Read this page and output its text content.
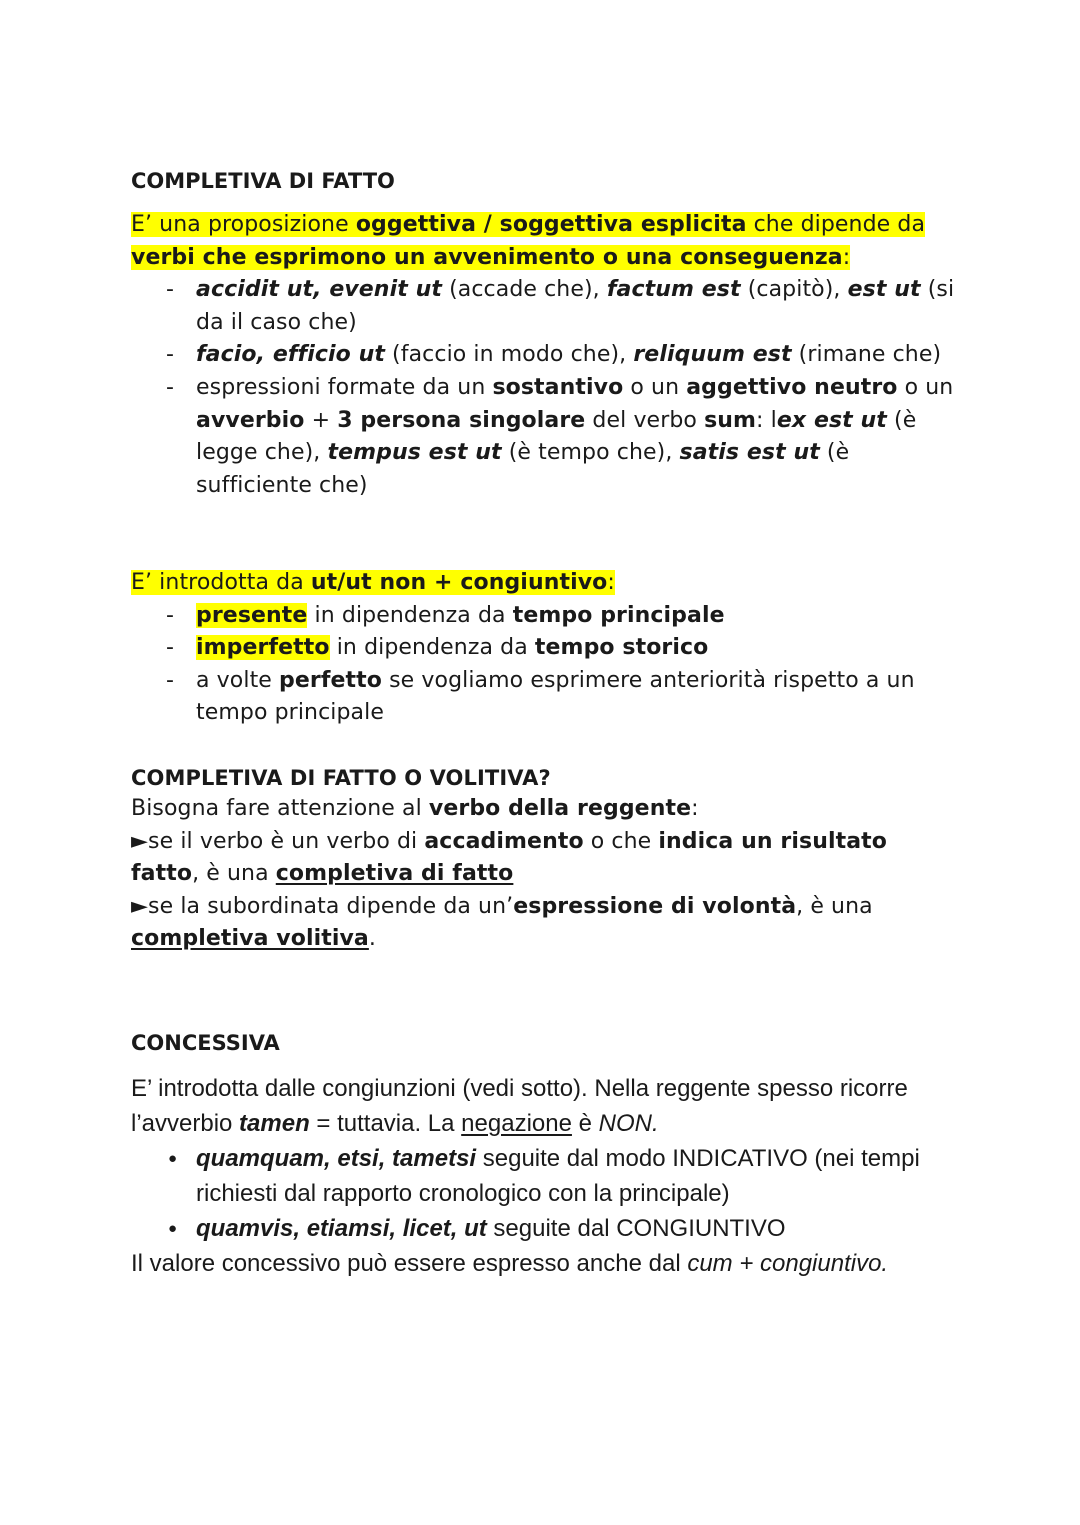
COMPLETIVA DI FATTO

E’ una proposizione oggettiva / soggettiva esplicita che dipende da verbi che esprimono un avvenimento o una conseguenza:

- accidit ut, evenit ut (accade che), factum est (capitò), est ut (si da il caso che)
- facio, efficio ut (faccio in modo che), reliquum est (rimane che)
- espressioni formate da un sostantivo o un aggettivo neutro o un avverbio + 3 persona singolare del verbo sum: lex est ut (è legge che), tempus est ut (è tempo che), satis est ut (è sufficiente che)

E’ introdotta da ut/ut non + congiuntivo:

- presente in dipendenza da tempo principale
- imperfetto in dipendenza da tempo storico
- a volte perfetto se vogliamo esprimere anteriorità rispetto a un tempo principale
COMPLETIVA DI FATTO O VOLITIVA?

Bisogna fare attenzione al verbo della reggente:

►se il verbo è un verbo di accadimento o che indica un risultato fatto, è una completiva di fatto

►se la subordinata dipende da un’espressione di volontà, è una completiva volitiva.

CONCESSIVA

E’ introdotta dalle congiunzioni (vedi sotto). Nella reggente spesso ricorre l’avverbio tamen = tuttavia. La negazione è NON.

● quamquam, etsi, tametsi seguite dal modo INDICATIVO (nei tempi richiesti dal rapporto cronologico con la principale)
● quamvis, etiamsi, licet, ut seguite dal CONGIUNTIVO

Il valore concessivo può essere espresso anche dal cum + congiuntivo.
